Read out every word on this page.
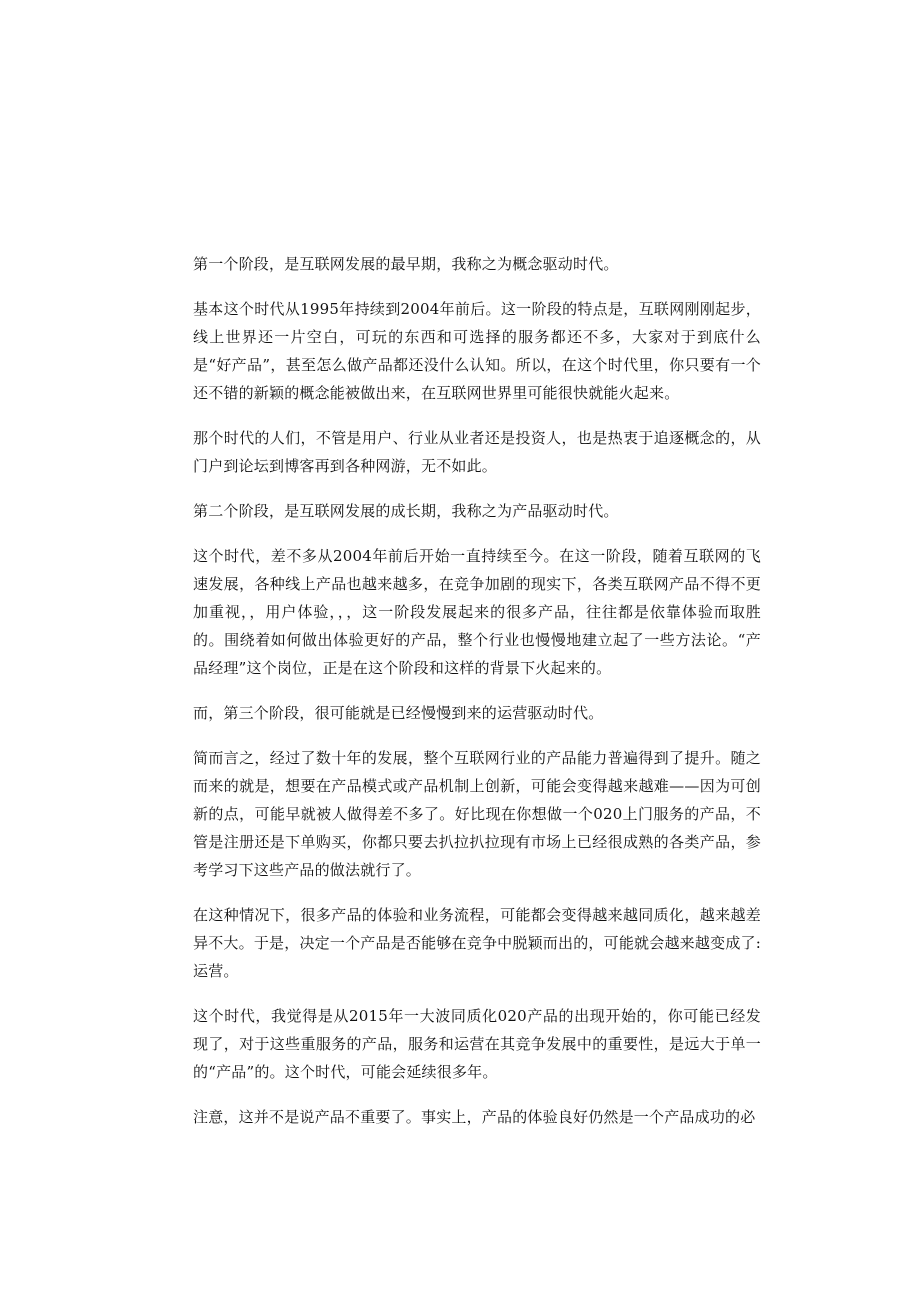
第一个阶段，是互联网发展的最早期，我称之为概念驱动时代。

基本这个时代从1995年持续到2004年前后。这一阶段的特点是，互联网刚刚起步，线上世界还一片空白，可玩的东西和可选择的服务都还不多，大家对于到底什么是“好产品”，甚至怎么做产品都还没什么认知。所以，在这个时代里，你只要有一个还不错的新颖的概念能被做出来，在互联网世界里可能很快就能火起来。

那个时代的人们，不管是用户、行业从业者还是投资人，也是热衷于追逐概念的，从门户到论坛到博客再到各种网游，无不如此。

第二个阶段，是互联网发展的成长期，我称之为产品驱动时代。

这个时代，差不多从2004年前后开始一直持续至今。在这一阶段，随着互联网的飞速发展，各种线上产品也越来越多，在竞争加剧的现实下，各类互联网产品不得不更加重视，，用户体验，，，这一阶段发展起来的很多产品，往往都是依靠体验而取胜的。围绕着如何做出体验更好的产品，整个行业也慢慢地建立起了一些方法论。“产品经理”这个岗位，正是在这个阶段和这样的背景下火起来的。

而，第三个阶段，很可能就是已经慢慢到来的运营驱动时代。

简而言之，经过了数十年的发展，整个互联网行业的产品能力普遍得到了提升。随之而来的就是，想要在产品模式或产品机制上创新，可能会变得越来越难——因为可创新的点，可能早就被人做得差不多了。好比现在你想做一个020上门服务的产品，不管是注册还是下单购买，你都只要去扒拉扒拉现有市场上已经很成熟的各类产品，参考学习下这些产品的做法就行了。

在这种情况下，很多产品的体验和业务流程，可能都会变得越来越同质化，越来越差异不大。于是，决定一个产品是否能够在竞争中脱颖而出的，可能就会越来越变成了:运营。

这个时代，我觉得是从2015年一大波同质化020产品的出现开始的，你可能已经发现了，对于这些重服务的产品，服务和运营在其竞争发展中的重要性，是远大于单一的“产品”的。这个时代，可能会延续很多年。

注意，这并不是说产品不重要了。事实上，产品的体验良好仍然是一个产品成功的必
